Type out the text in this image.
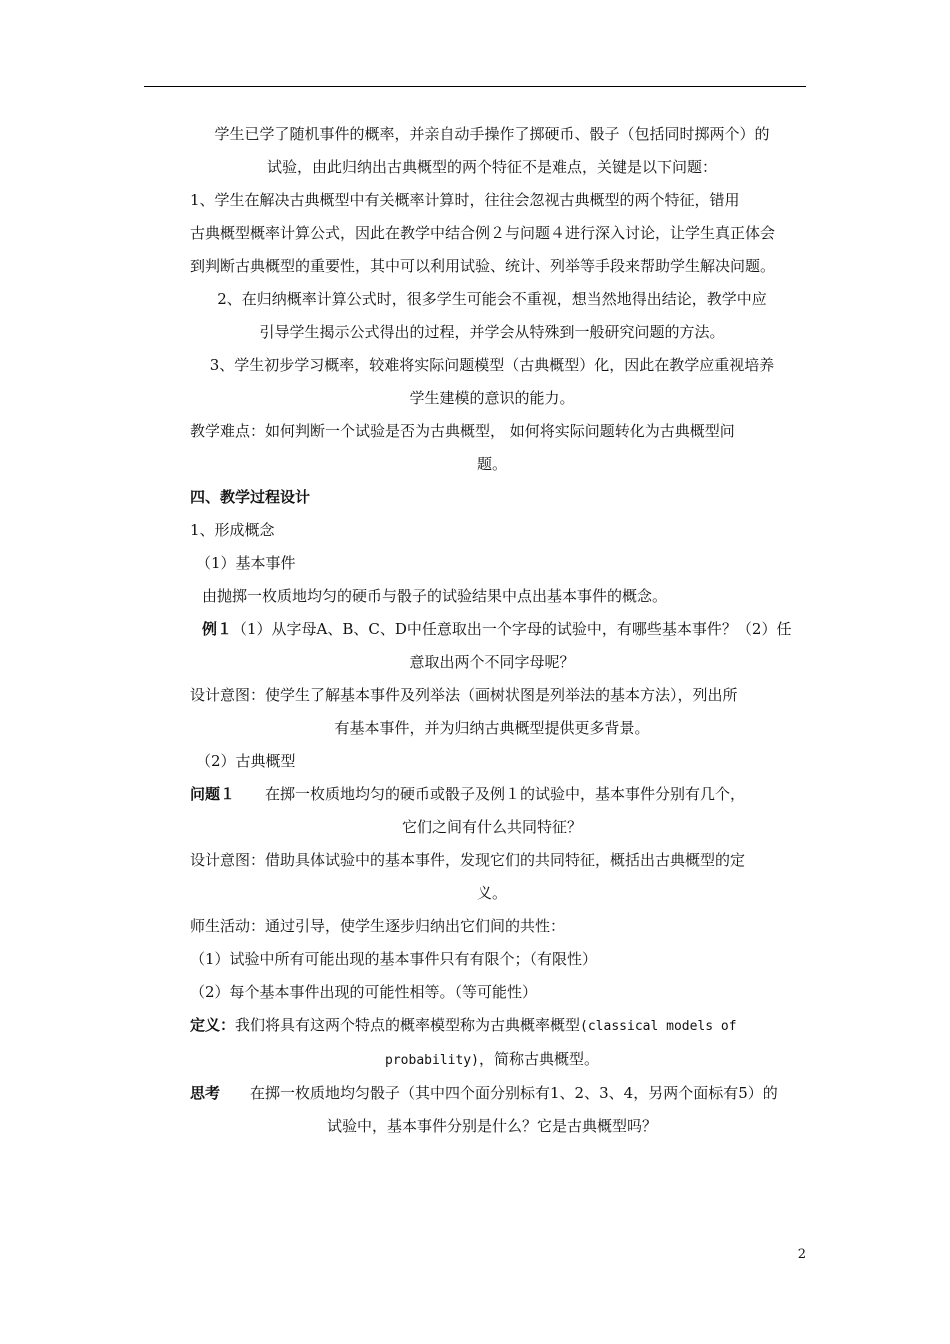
学生已学了随机事件的概率，并亲自动手操作了掷硬币、骰子（包括同时掷两个）的

试验，由此归纳出古典概型的两个特征不是难点，关键是以下问题：

1、学生在解决古典概型中有关概率计算时，往往会忽视古典概型的两个特征，错用

古典概型概率计算公式，因此在教学中结合例２与问题４进行深入讨论，让学生真正体会

到判断古典概型的重要性，其中可以利用试验、统计、列举等手段来帮助学生解决问题。

2、在归纳概率计算公式时，很多学生可能会不重视，想当然地得出结论，教学中应

引导学生揭示公式得出的过程，并学会从特殊到一般研究问题的方法。

3、学生初步学习概率，较难将实际问题模型（古典概型）化，因此在教学应重视培养

学生建模的意识的能力。

教学难点：如何判断一个试验是否为古典概型， 如何将实际问题转化为古典概型问

题。

四、教学过程设计

1、形成概念

（1）基本事件

由抛掷一枚质地均匀的硬币与骰子的试验结果中点出基本事件的概念。

例１（1）从字母A、B、C、D中任意取出一个字母的试验中，有哪些基本事件？（2）任

意取出两个不同字母呢？

设计意图：使学生了解基本事件及列举法（画树状图是列举法的基本方法），列出所

有基本事件，并为归纳古典概型提供更多背景。

（2）古典概型

问题１　　在掷一枚质地均匀的硬币或骰子及例１的试验中，基本事件分别有几个，

它们之间有什么共同特征？

设计意图：借助具体试验中的基本事件，发现它们的共同特征，概括出古典概型的定

义。

师生活动：通过引导，使学生逐步归纳出它们间的共性：

（1）试验中所有可能出现的基本事件只有有限个；（有限性）

（2）每个基本事件出现的可能性相等。（等可能性）

定义：我们将具有这两个特点的概率模型称为古典概率概型(classical models of

probability)，简称古典概型。

思考　　在掷一枚质地均匀骰子（其中四个面分别标有1、2、3、4，另两个面标有5）的

试验中，基本事件分别是什么？它是古典概型吗？

2
